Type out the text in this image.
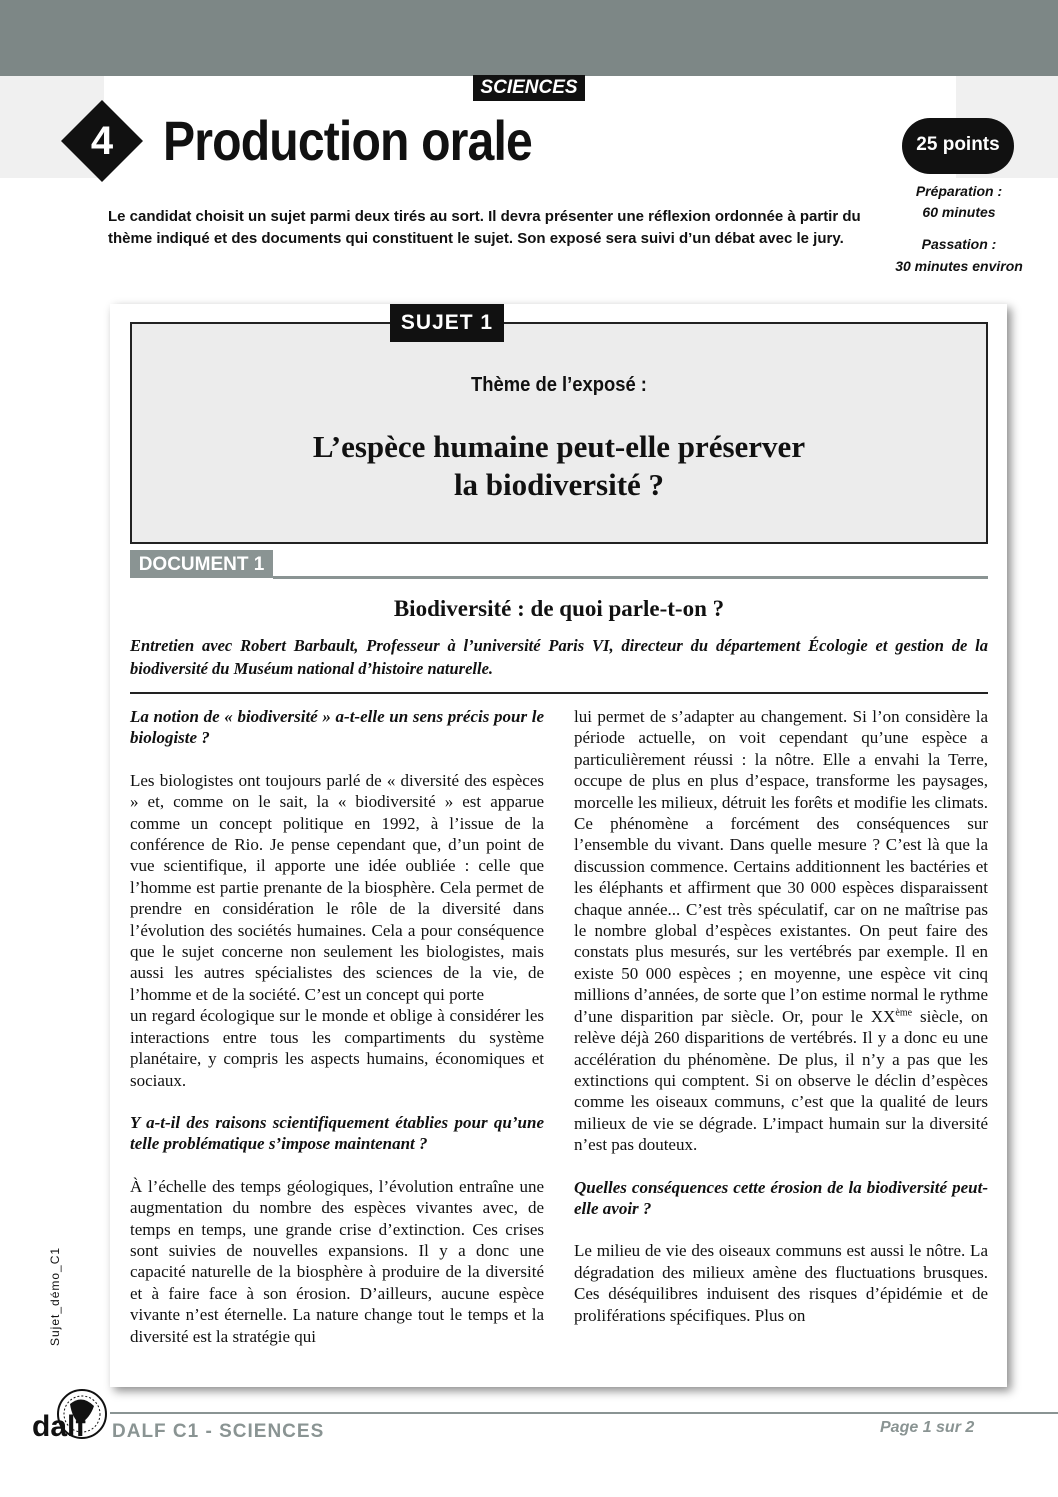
SCIENCES
4 Production orale	25 points
Préparation :
60 minutes
Passation :
30 minutes environ
Le candidat choisit un sujet parmi deux tirés au sort. Il devra présenter une réflexion ordonnée à partir du thème indiqué et des documents qui constituent le sujet. Son exposé sera suivi d’un débat avec le jury.
Thème de l’exposé :
L’espèce humaine peut-elle préserver
la biodiversité ?
DOCUMENT 1
Biodiversité : de quoi parle-t-on ?
Entretien avec Robert Barbault, Professeur à l’université Paris VI, directeur du département Écologie et gestion de la biodiversité du Muséum national d’histoire naturelle.

La notion de « biodiversité » a-t-elle un sens précis pour le biologiste ?

Les biologistes ont toujours parlé de « diversité des espèces » et, comme on le sait, la « biodiversité » est apparue comme un concept politique en 1992, à l’issue de la conférence de Rio. Je pense cependant que, d’un point de vue scientifique, il apporte une idée oubliée : celle que l’homme est partie prenante de la biosphère. Cela permet de prendre en considération le rôle de la diversité dans l’évolution des sociétés humaines. Cela a pour conséquence que le sujet concerne non seulement les biologistes, mais aussi les autres spécialistes des sciences de la vie, de l’homme et de la société. C’est un concept qui porte

un regard écologique sur le monde et oblige à considérer les interactions entre tous les compartiments du système planétaire, y compris les aspects humains, économiques et sociaux.

Y a-t-il des raisons scientifiquement établies pour qu’une telle problématique s’impose maintenant ?

À l’échelle des temps géologiques, l’évolution entraîne une augmentation du nombre des espèces vivantes avec, de temps en temps, une grande crise d’extinction. Ces crises sont suivies de nouvelles expansions. Il y a donc une capacité naturelle de la biosphère à produire de la diversité et à faire face à son érosion. D’ailleurs, aucune espèce vivante n’est éternelle. La nature change tout le temps et la diversité est la stratégie qui

lui permet de s’adapter au changement. Si l’on considère la période actuelle, on voit cependant qu’une espèce a particulièrement réussi : la nôtre. Elle a envahi la Terre, occupe de plus en plus d’espace, transforme les paysages, morcelle les milieux, détruit les forêts et modifie les climats. Ce phénomène a forcément des conséquences sur l’ensemble du vivant. Dans quelle mesure ? C’est là que la discussion commence. Certains additionnent les bactéries et les éléphants et affirment que 30 000 espèces disparaissent chaque année... C’est très spéculatif, car on ne maîtrise pas le nombre global d’espèces existantes. On peut faire des constats plus mesurés, sur les vertébrés par exemple. Il en existe 50 000 espèces ; en moyenne, une espèce vit cinq millions d’années, de sorte que l’on estime normal le rythme d’une disparition par siècle. Or, pour le XXème siècle, on relève déjà 260 disparitions de vertébrés. Il y a donc eu une accélération du phénomène. De plus, il n’y a pas que les extinctions qui comptent. Si on observe le déclin d’espèces comme les oiseaux communs, c’est que la qualité de leurs milieux de vie se dégrade. L’impact humain sur la diversité n’est pas douteux.

Quelles conséquences cette érosion de la biodiversité peut-elle avoir ?

Le milieu de vie des oiseaux communs est aussi le nôtre. La dégradation des milieux amène des fluctuations brusques. Ces déséquilibres induisent des risques d’épidémie et de proliférations spécifiques. Plus on

SUJET 1
Sujet_démo_C1
dalf DALF C1 - SCIENCES	Page 1 sur 2
